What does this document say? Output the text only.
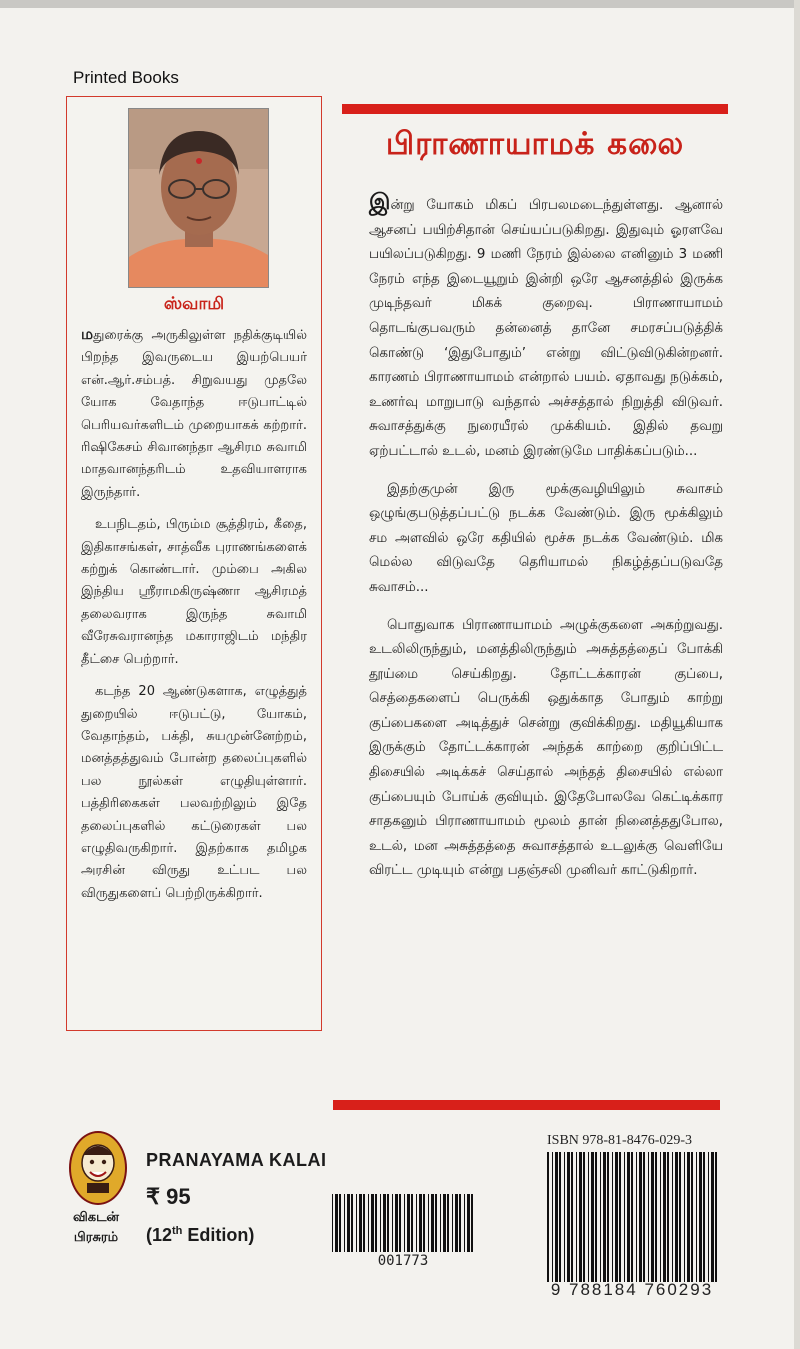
Printed Books
ஸ்வாமி

மதுரைக்கு அருகிலுள்ள நதிக்குடியில் பிறந்த இவருடைய இயற்பெயர் என்.ஆர்.சம்பத். சிறுவயது முதலே யோக வேதாந்த ஈடுபாட்டில் பெரியவர்களிடம் முறையாகக் கற்றார். ரிஷிகேசம் சிவானந்தா ஆசிரம சுவாமி மாதவானந்தரிடம் உதவியாளராக இருந்தார்.

உபநிடதம், பிரும்ம சூத்திரம், கீதை, இதிகாசங்கள், சாத்வீக புராணங்களைக் கற்றுக் கொண்டார். மும்பை அகில இந்திய ஸ்ரீராமகிருஷ்ணா ஆசிரமத் தலைவராக இருந்த சுவாமி வீரேசுவரானந்த மகாராஜிடம் மந்திர தீட்சை பெற்றார்.

கடந்த 20 ஆண்டுகளாக, எழுத்துத் துறையில் ஈடுபட்டு, யோகம், வேதாந்தம், பக்தி, சுயமுன்னேற்றம், மனத்தத்துவம் போன்ற தலைப்புகளில் பல நூல்கள் எழுதியுள்ளார். பத்திரிகைகள் பலவற்றிலும் இதே தலைப்புகளில் கட்டுரைகள் பல எழுதிவருகிறார். இதற்காக தமிழக அரசின் விருது உட்பட பல விருதுகளைப் பெற்றிருக்கிறார்.

பிராணாயாமக் கலை

இன்று யோகம் மிகப் பிரபலமடைந்துள்ளது. ஆனால் ஆசனப் பயிற்சிதான் செய்யப்படுகிறது. இதுவும் ஓரளவே பயிலப்படுகிறது. 9 மணி நேரம் இல்லை எனினும் 3 மணி நேரம் எந்த இடையூறும் இன்றி ஒரே ஆசனத்தில் இருக்க முடிந்தவர் மிகக் குறைவு. பிராணாயாமம் தொடங்குபவரும் தன்னைத் தானே சமரசப்படுத்திக் கொண்டு ‘இதுபோதும்’ என்று விட்டுவிடுகின்றனர். காரணம் பிராணாயாமம் என்றால் பயம். ஏதாவது நடுக்கம், உணர்வு மாறுபாடு வந்தால் அச்சத்தால் நிறுத்தி விடுவர். சுவாசத்துக்கு நுரையீரல் முக்கியம். இதில் தவறு ஏற்பட்டால் உடல், மனம் இரண்டுமே பாதிக்கப்படும்...

இதற்குமுன் இரு மூக்குவழியிலும் சுவாசம் ஒழுங்குபடுத்தப்பட்டு நடக்க வேண்டும். இரு மூக்கிலும் சம அளவில் ஒரே கதியில் மூச்சு நடக்க வேண்டும். மிக மெல்ல விடுவதே தெரியாமல் நிகழ்த்தப்படுவதே சுவாசம்...

பொதுவாக பிராணாயாமம் அழுக்குகளை அகற்றுவது. உடலிலிருந்தும், மனத்திலிருந்தும் அசுத்தத்தைப் போக்கி தூய்மை செய்கிறது. தோட்டக்காரன் குப்பை, செத்தைகளைப் பெருக்கி ஒதுக்காத போதும் காற்று குப்பைகளை அடித்துச் சென்று குவிக்கிறது. மதியூகியாக இருக்கும் தோட்டக்காரன் அந்தக் காற்றை குறிப்பிட்ட திசையில் அடிக்கச் செய்தால் அந்தத் திசையில் எல்லா குப்பையும் போய்க் குவியும். இதேபோலவே கெட்டிக்கார சாதகனும் பிராணாயாமம் மூலம் தான் நினைத்ததுபோல, உடல், மன அசுத்தத்தை சுவாசத்தால் உடலுக்கு வெளியே விரட்ட முடியும் என்று பதஞ்சலி முனிவர் காட்டுகிறார்.

விகடன்
பிரசுரம்
PRANAYAMA KALAI
₹ 95
(12th Edition)
001773
ISBN 978-81-8476-029-3
9 788184 760293
